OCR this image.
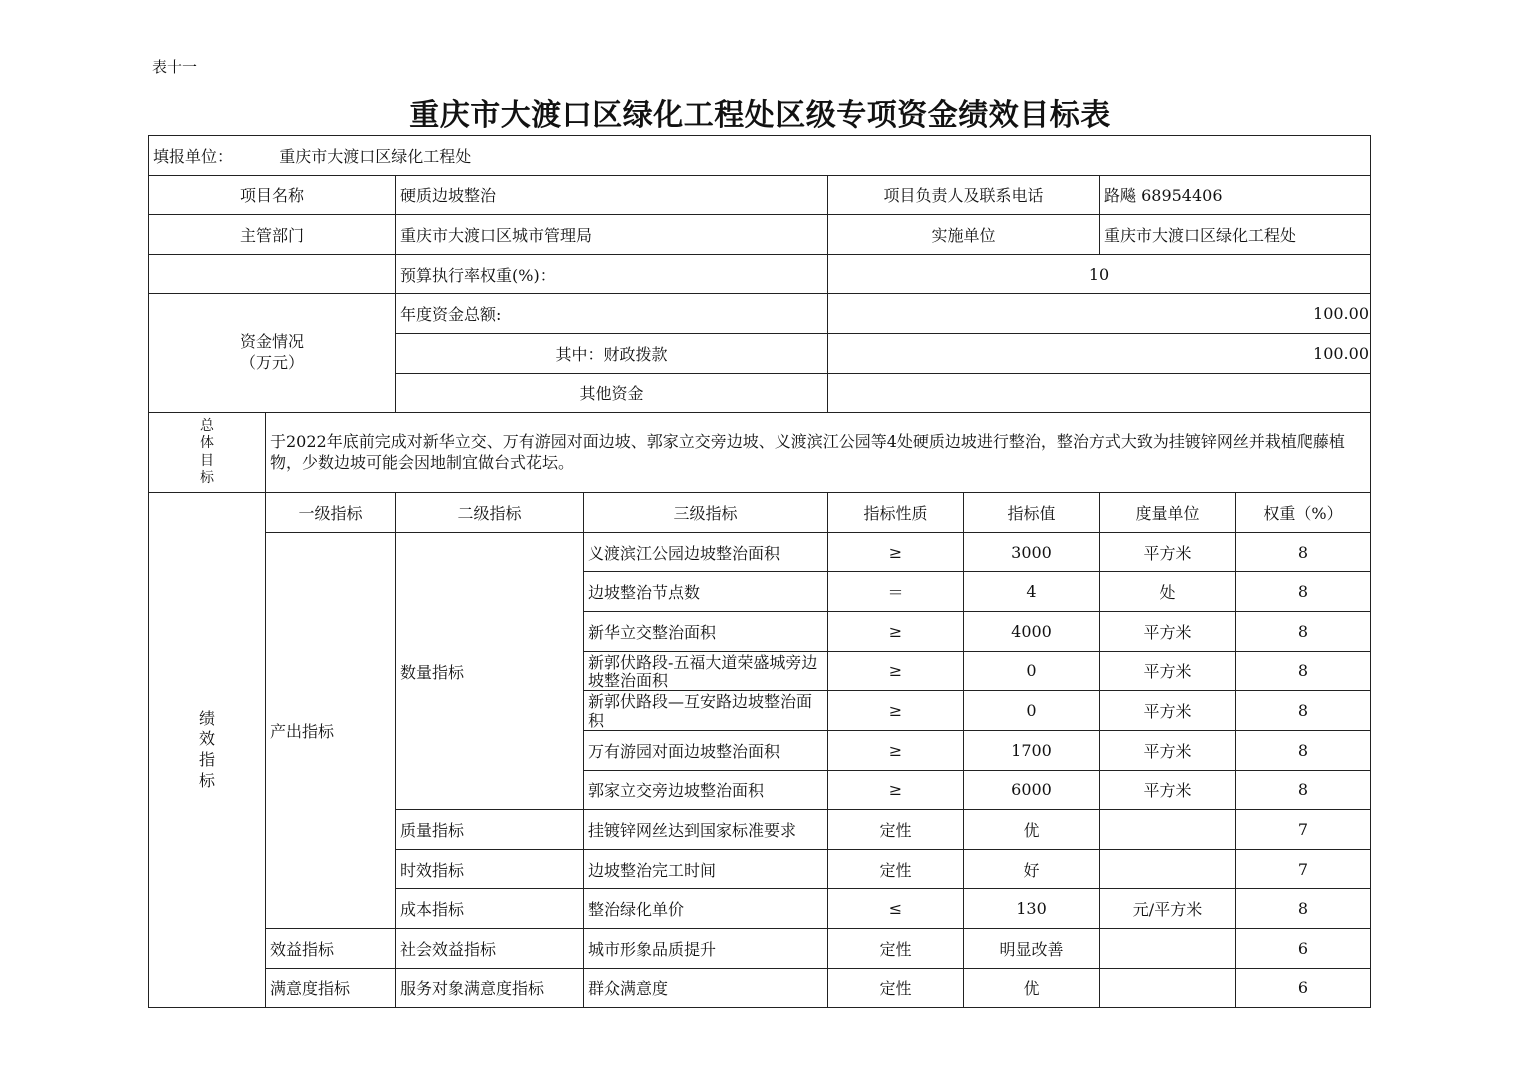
表十一
重庆市大渡口区绿化工程处区级专项资金绩效目标表
填报单位： 重庆市大渡口区绿化工程处							
项目名称		硬质边坡整治		项目负责人及联系电话		路飚 68954406	
主管部门		重庆市大渡口区城市管理局		实施单位		重庆市大渡口区绿化工程处	
		预算执行率权重(%)：		10			
资金情况
（万元）		年度资金总额:		100.00			
		其中：财政拨款		100.00			
		其他资金					

总
体
目
标	于2022年底前完成对新华立交、万有游园对面边坡、郭家立交旁边坡、义渡滨江公园等4处硬质边坡进行整治，整治方式大致为挂镀锌网丝并栽植爬藤植物，少数边坡可能会因地制宜做台式花坛。						

绩
效
指
标	一级指标	二级指标	三级指标	指标性质	指标值	度量单位	权重（%）
	产出指标	数量指标	义渡滨江公园边坡整治面积	≥	3000	平方米	8
			边坡整治节点数	＝	4	处	8
			新华立交整治面积	≥	4000	平方米	8
			新郭伏路段-五福大道荣盛城旁边坡整治面积	≥	0	平方米	8
			新郭伏路段—互安路边坡整治面积	≥	0	平方米	8
			万有游园对面边坡整治面积	≥	1700	平方米	8
			郭家立交旁边坡整治面积	≥	6000	平方米	8
		质量指标	挂镀锌网丝达到国家标准要求	定性	优		7
		时效指标	边坡整治完工时间	定性	好		7
		成本指标	整治绿化单价	≤	130	元/平方米	8
	效益指标	社会效益指标	城市形象品质提升	定性	明显改善		6
	满意度指标	服务对象满意度指标	群众满意度	定性	优		6
